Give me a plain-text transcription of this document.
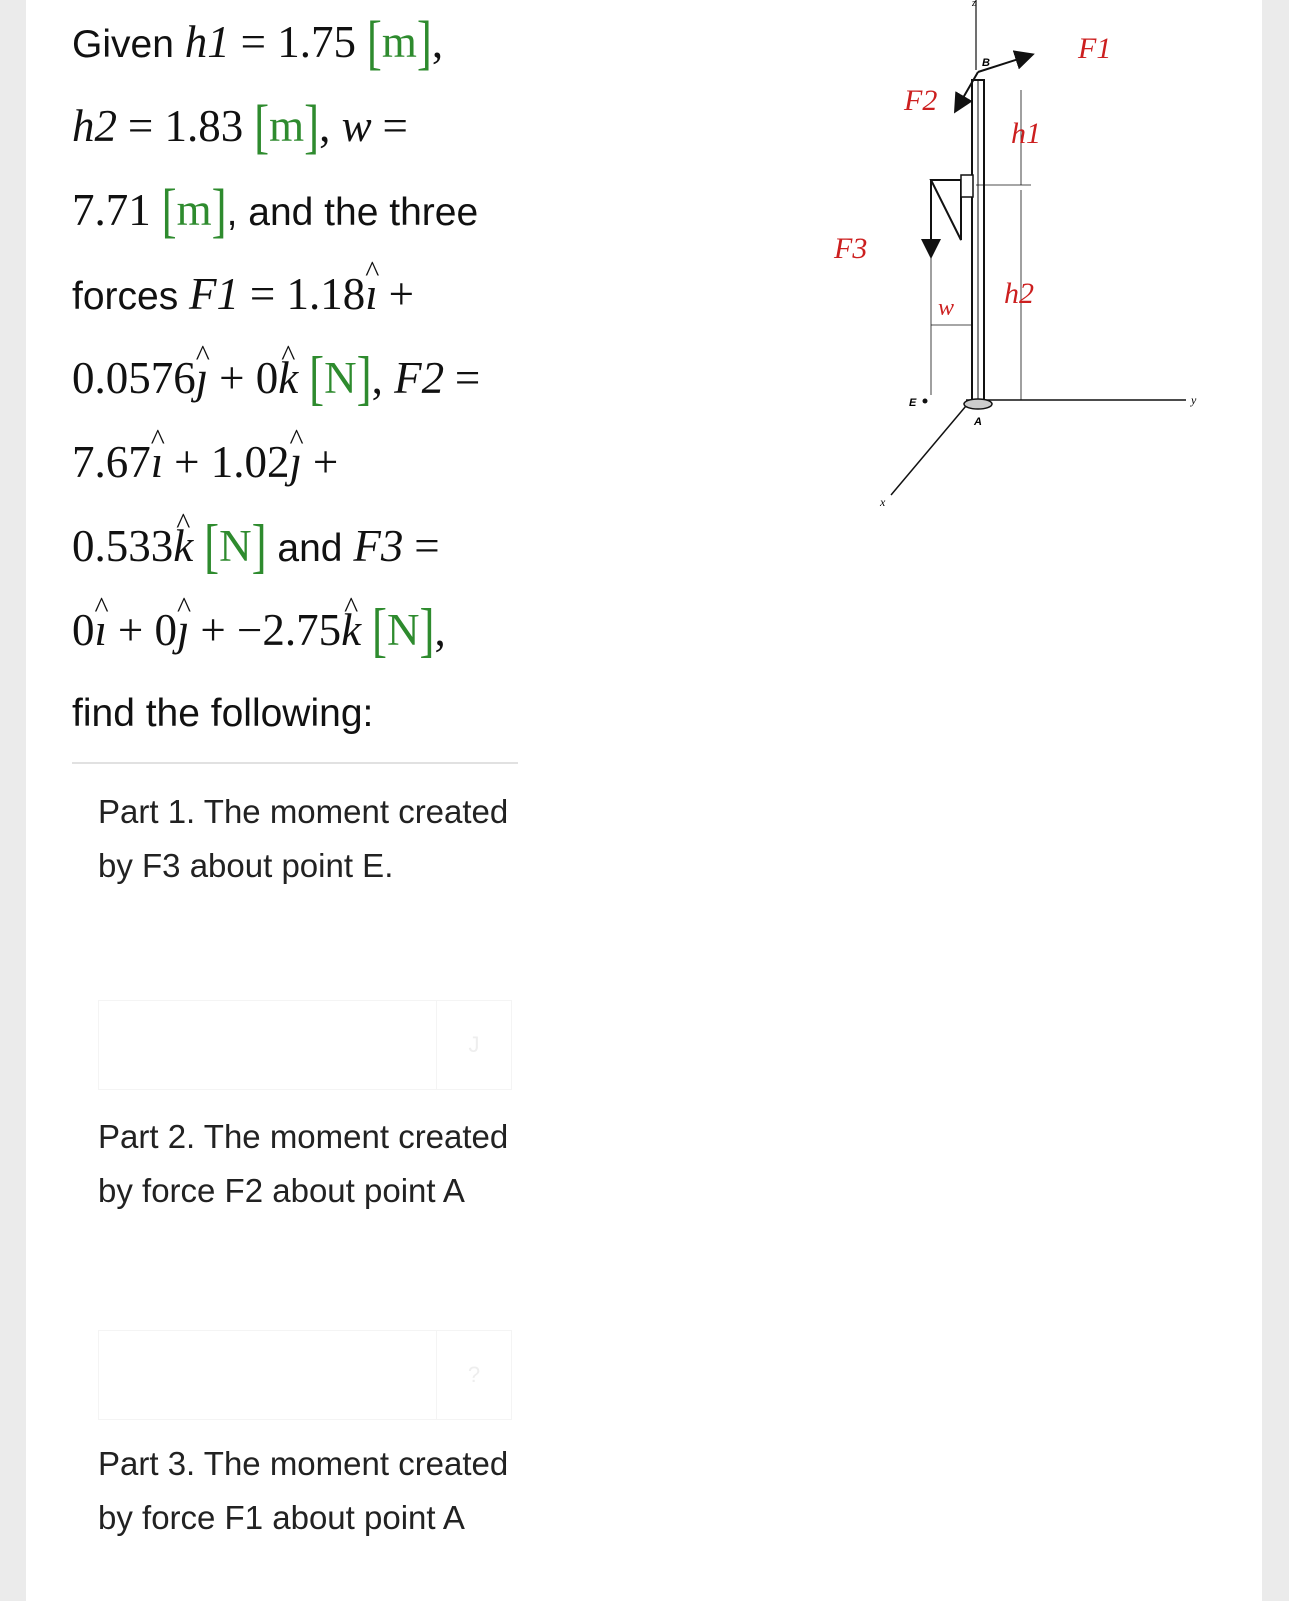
Given h1 = 1.75 [m],
h2 = 1.83 [m], w =
7.71 [m], and the three
forces F1 = 1.18^ ı +
0.0576^ ȷ + 0^ k [N], F2 =
7.67^ ı + 1.02^ ȷ +
0.533^ k [N] and F3 =
0^ ı + 0^ ȷ + −2.75^ k [N],
find the following:
Part 1. The moment created by F3 about point E.
J
Part 2. The moment created by force F2 about point A
?
Part 3. The moment created by force F1 about point A
y
x
z
B
A
E
F1
F2
F3
h1
h2
w
